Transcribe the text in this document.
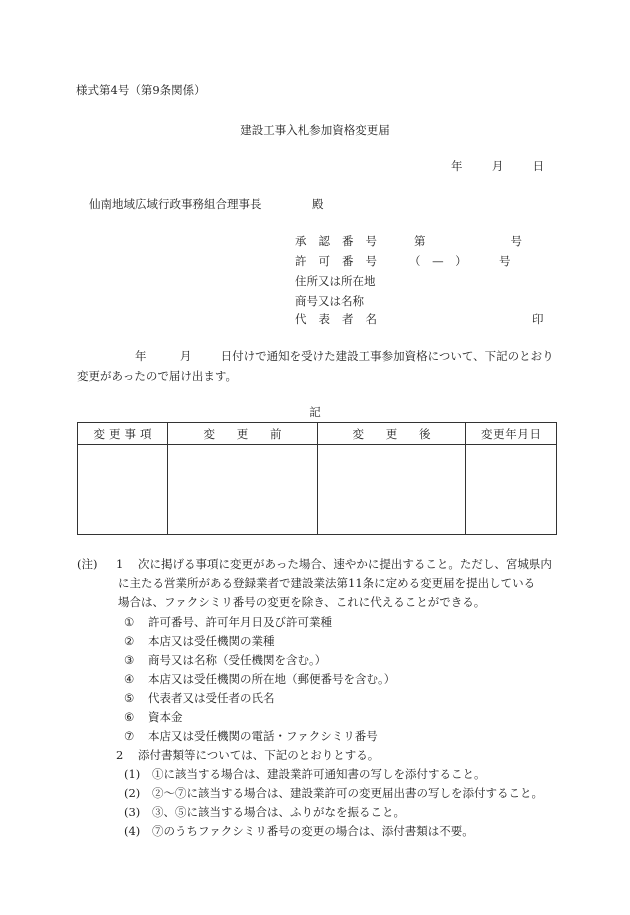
様式第4号（第9条関係）
建設工事入札参加資格変更届
年	月	日
仙南地域広域行政事務組合理事長	殿
承 認 番 号	第	号
許 可 番 号	（ — ）	号
住所又は所在地
商号又は名称
代 表 者 名	印
年	月	日付けで通知を受けた建設工事参加資格について、下記のとおり
変更があったので届け出ます。
記
変 更 事 項	変 更 前	変 更 後	変 更 年 月 日

(注) 1 次に掲げる事項に変更があった場合、速やかに提出すること。ただし、宮城県内
に主たる営業所がある登録業者で建設業法第11条に定める変更届を提出している
場合は、ファクシミリ番号の変更を除き、これに代えることができる。
① 許可番号、許可年月日及び許可業種
② 本店又は受任機関の業種
③ 商号又は名称（受任機関を含む。）
④ 本店又は受任機関の所在地（郵便番号を含む。）
⑤ 代表者又は受任者の氏名
⑥ 資本金
⑦ 本店又は受任機関の電話・ファクシミリ番号
2 添付書類等については、下記のとおりとする。
(1) ①に該当する場合は、建設業許可通知書の写しを添付すること。
(2) ②〜⑦に該当する場合は、建設業許可の変更届出書の写しを添付すること。
(3) ③、⑤に該当する場合は、ふりがなを振ること。
(4) ⑦のうちファクシミリ番号の変更の場合は、添付書類は不要。
